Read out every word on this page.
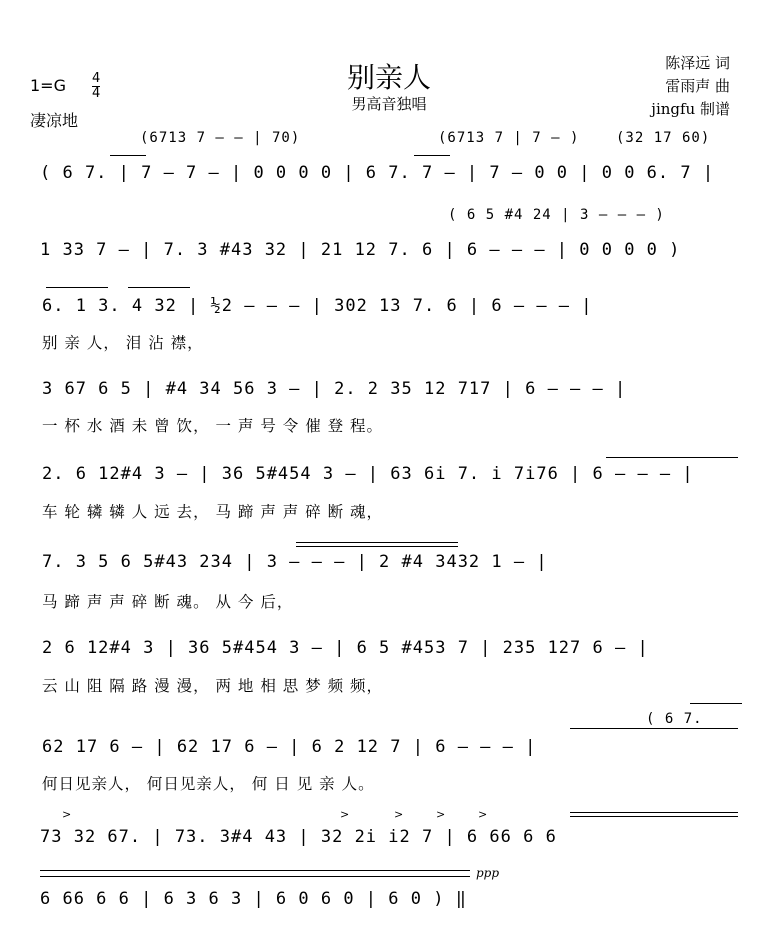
别亲人
男高音独唱
$1=G \frac{4}{4}$
凄凉地
陈泽远 词
雷雨声 曲
jingfu 制谱
(6713 7 – – | 70)	(6713 7 | 7 – )	(32 17 60)
( 6 7. | 7 – 7 – | 0 0 0 0 | 6 7. 7 – | 7 – 0 0 | 0 0 6. 7 |
( 6 5 #4 24 | 3 – – – )
1 33 7 – | 7. 3 #43 32 | 21 12 7. 6 | 6 – – – | 0 0 0 0 )
6. 1 3. 4 32 | ½2 – – – | 302 13 7. 6 | 6 – – – |
别 亲 人， 泪 沾 襟，
3 67 6 5 | #4 34 56 3 – | 2. 2 35 12 717 | 6 – – – |
一 杯 水 酒 未 曾 饮， 一 声 号 令 催 登 程。
2. 6 12#4 3 – | 36 5#454 3 – | 63 6i 7. i 7i76 | 6 – – – |
车 轮 辚 辚 人 远 去， 马 蹄 声 声 碎 断 魂，
7. 3 5 6 5#43 234 | 3 – – – | 2 #4 3432 1 – |
马 蹄 声 声 碎 断 魂。 从 今 后，
2 6 12#4 3 | 36 5#454 3 – | 6 5 #453 7 | 235 127 6 – |
云 山 阻 隔 路 漫 漫， 两 地 相 思 梦 频 频，
( 6 7.
62 17 6 – | 62 17 6 – | 6 2 12 7 | 6 – – – |
何日见亲人， 何日见亲人， 何 日 见 亲 人。
>	>	>	>	>
73 32 67. | 73. 3#4 43 | 32 2i i2 7 | 6 66 6 6
ppp
6 66 6 6 | 6 3 6 3 | 6 0 6 0 | 6 0 ) ‖
